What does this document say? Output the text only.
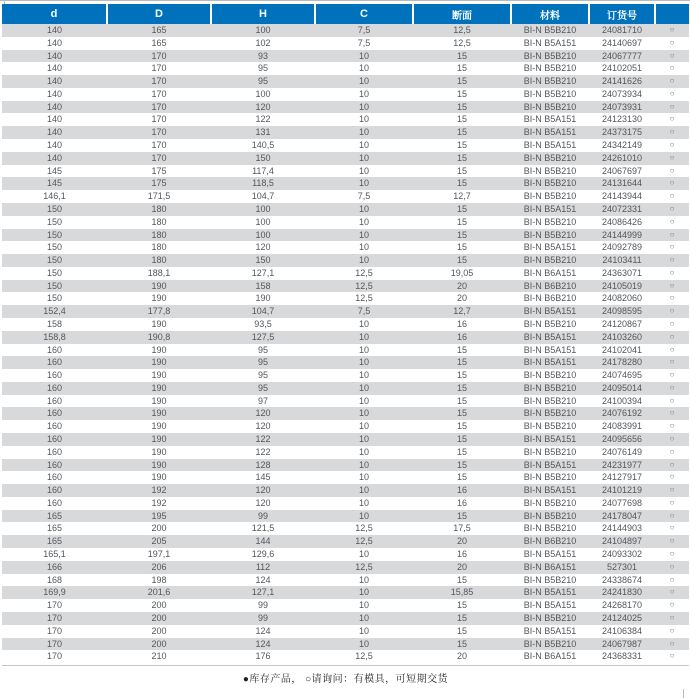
d	D	H	C	断面	材料	订货号	
140	165	100	7,5	12,5	BI-N B5B210	24081710	○
140	165	102	7,5	12,5	BI-N B5A151	24140697	○
140	170	93	10	15	BI-N B5B210	24067777	○
140	170	95	10	15	BI-N B5B210	24102051	○
140	170	95	10	15	BI-N B5B210	24141626	○
140	170	100	10	15	BI-N B5B210	24073934	○
140	170	120	10	15	BI-N B5B210	24073931	○
140	170	122	10	15	BI-N B5A151	24123130	○
140	170	131	10	15	BI-N B5A151	24373175	○
140	170	140,5	10	15	BI-N B5A151	24342149	○
140	170	150	10	15	BI-N B5B210	24261010	○
145	175	117,4	10	15	BI-N B5B210	24067697	○
145	175	118,5	10	15	BI-N B5B210	24131644	○
146,1	171,5	104,7	7,5	12,7	BI-N B5B210	24143944	○
150	180	100	10	15	BI-N B5A151	24072331	○
150	180	100	10	15	BI-N B5B210	24086426	○
150	180	100	10	15	BI-N B5B210	24144999	○
150	180	120	10	15	BI-N B5A151	24092789	○
150	180	150	10	15	BI-N B5B210	24103411	○
150	188,1	127,1	12,5	19,05	BI-N B6A151	24363071	○
150	190	158	12,5	20	BI-N B6B210	24105019	○
150	190	190	12,5	20	BI-N B6B210	24082060	○
152,4	177,8	104,7	7,5	12,7	BI-N B5A151	24098595	○
158	190	93,5	10	16	BI-N B5B210	24120867	○
158,8	190,8	127,5	10	16	BI-N B5A151	24103260	○
160	190	95	10	15	BI-N B5A151	24102041	○
160	190	95	10	15	BI-N B5A151	24178280	○
160	190	95	10	15	BI-N B5B210	24074695	○
160	190	95	10	15	BI-N B5B210	24095014	○
160	190	97	10	15	BI-N B5B210	24100394	○
160	190	120	10	15	BI-N B5B210	24076192	○
160	190	120	10	15	BI-N B5B210	24083991	○
160	190	122	10	15	BI-N B5A151	24095656	○
160	190	122	10	15	BI-N B5B210	24076149	○
160	190	128	10	15	BI-N B5A151	24231977	○
160	190	145	10	15	BI-N B5B210	24127917	○
160	192	120	10	16	BI-N B5A151	24101219	○
160	192	120	10	16	BI-N B5B210	24077698	○
165	195	99	10	15	BI-N B5B210	24178047	○
165	200	121,5	12,5	17,5	BI-N B5B210	24144903	○
165	205	144	12,5	20	BI-N B6B210	24104897	○
165,1	197,1	129,6	10	16	BI-N B5A151	24093302	○
166	206	112	12,5	20	BI-N B6A151	527301	○
168	198	124	10	15	BI-N B5B210	24338674	○
169,9	201,6	127,1	10	15,85	BI-N B5A151	24241830	○
170	200	99	10	15	BI-N B5A151	24268170	○
170	200	99	10	15	BI-N B5B210	24124025	○
170	200	124	10	15	BI-N B5A151	24106384	○
170	200	124	10	15	BI-N B5B210	24067987	○
170	210	176	12,5	20	BI-N B6A151	24368331	○
●库存产品， ○请询问：有模具，可短期交货
